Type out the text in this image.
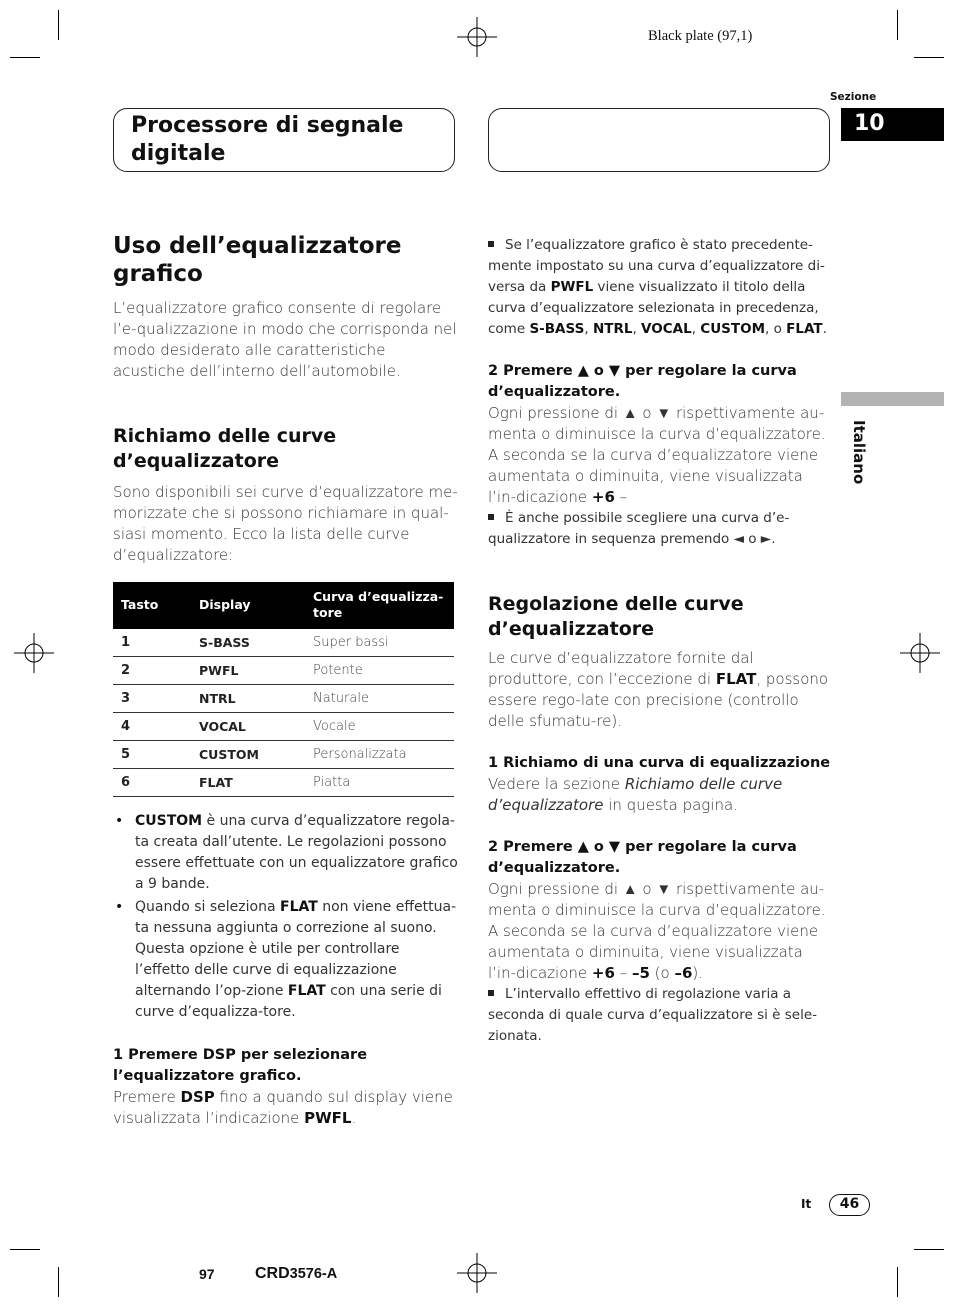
Black plate (97,1)
Sezione
10
Processore di segnale digitale
Italiano
Uso dell’equalizzatore grafico
L’equalizzatore grafico consente di regolare l’e-qualizzazione in modo che corrisponda nel modo desiderato alle caratteristiche acustiche dell’interno dell’automobile.
Richiamo delle curve d’equalizzatore
Sono disponibili sei curve d’equalizzatore me-morizzate che si possono richiamare in qual-siasi momento. Ecco la lista delle curve d’equalizzatore:
Tasto	Display	Curva d’equalizza-tore
1	S-BASS	Super bassi
2	PWFL	Potente
3	NTRL	Naturale
4	VOCAL	Vocale
5	CUSTOM	Personalizzata
6	FLAT	Piatta
• CUSTOM è una curva d’equalizzatore regola-ta creata dall’utente. Le regolazioni possono essere effettuate con un equalizzatore grafico a 9 bande.
• Quando si seleziona FLAT non viene effettua-ta nessuna aggiunta o correzione al suono. Questa opzione è utile per controllare l’effetto delle curve di equalizzazione alternando l’op-zione FLAT con una serie di curve d’equalizza-tore.
1 Premere DSP per selezionare l’equalizzatore grafico.
Premere DSP fino a quando sul display viene visualizzata l’indicazione PWFL.
Se l’equalizzatore grafico è stato precedente-mente impostato su una curva d’equalizzatore di-versa da PWFL viene visualizzato il titolo della curva d’equalizzatore selezionata in precedenza, come S-BASS, NTRL, VOCAL, CUSTOM, o FLAT.
2 Premere ▲ o ▼ per regolare la curva d’equalizzatore.
Ogni pressione di ▲ o ▼ rispettivamente au-menta o diminuisce la curva d’equalizzatore. A seconda se la curva d’equalizzatore viene aumentata o diminuita, viene visualizzata l’in-dicazione +6 –
È anche possibile scegliere una curva d’e-qualizzatore in sequenza premendo ◄ o ►.
Regolazione delle curve d’equalizzatore
Le curve d’equalizzatore fornite dal produttore, con l’eccezione di FLAT, possono essere rego-late con precisione (controllo delle sfumatu-re).
1 Richiamo di una curva di equalizzazione
Vedere la sezione Richiamo delle curve d’equalizzatore in questa pagina.
2 Premere ▲ o ▼ per regolare la curva d’equalizzatore.
Ogni pressione di ▲ o ▼ rispettivamente au-menta o diminuisce la curva d’equalizzatore. A seconda se la curva d’equalizzatore viene aumentata o diminuita, viene visualizzata l’in-dicazione +6 – –5 (o –6).
L’intervallo effettivo di regolazione varia a seconda di quale curva d’equalizzatore si è sele-zionata.
It	46
97	CRD3576-A
